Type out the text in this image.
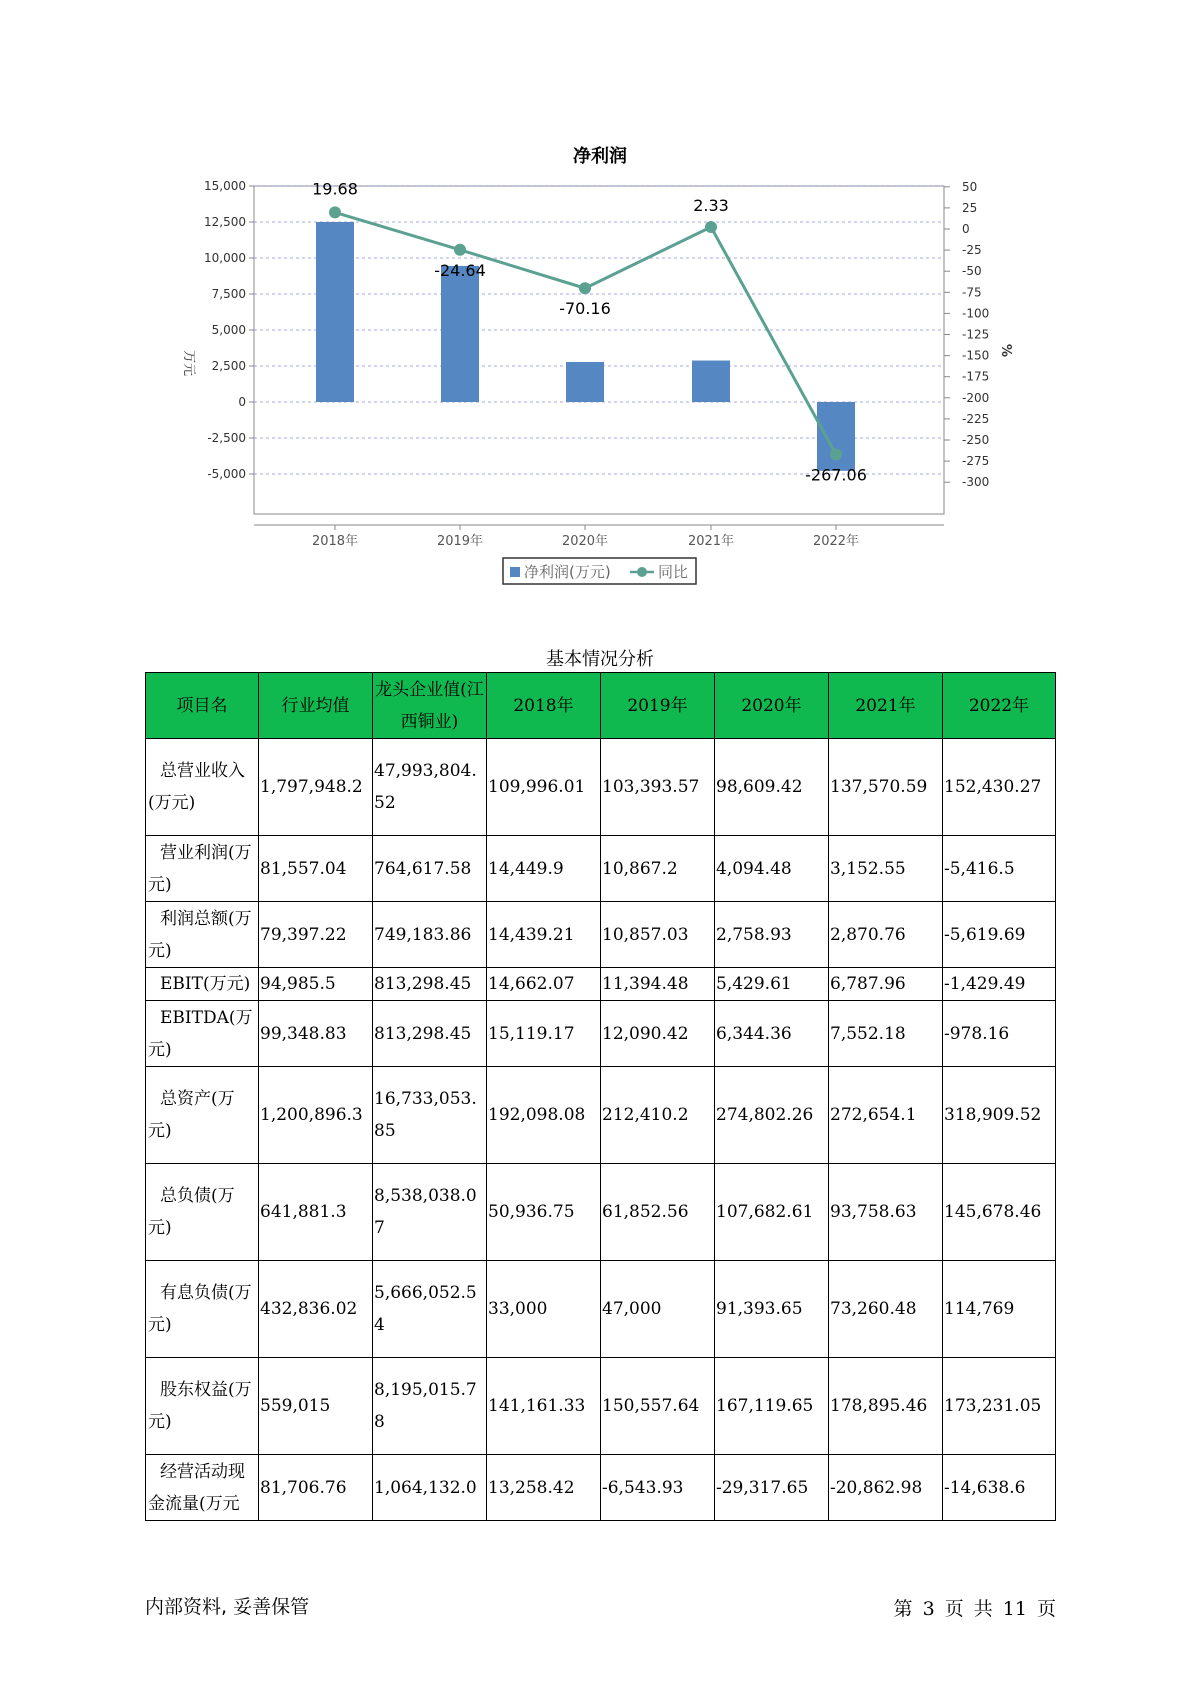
净利润
19.68
-24.64
-70.16
2.33
-267.06
15,000
12,500
10,000
7,500
5,000
2,500
0
-2,500
-5,000
50
25
0
-25
-50
-75
-100
-125
-150
-175
-200
-225
-250
-275
-300
2018年	2019年	2020年	2021年	2022年
万元	%
净利润(万元)	同比
基本情况分析
项目名	行业均值	龙头企业值(江西铜业)	2018年	2019年	2020年	2021年	2022年
总营业收入(万元)	1,797,948.2	47,993,804.52	109,996.01	103,393.57	98,609.42	137,570.59	152,430.27
营业利润(万元)	81,557.04	764,617.58	14,449.9	10,867.2	4,094.48	3,152.55	-5,416.5
利润总额(万元)	79,397.22	749,183.86	14,439.21	10,857.03	2,758.93	2,870.76	-5,619.69
EBIT(万元)	94,985.5	813,298.45	14,662.07	11,394.48	5,429.61	6,787.96	-1,429.49
EBITDA(万元)	99,348.83	813,298.45	15,119.17	12,090.42	6,344.36	7,552.18	-978.16
总资产(万元)	1,200,896.3	16,733,053.85	192,098.08	212,410.2	274,802.26	272,654.1	318,909.52
总负债(万元)	641,881.3	8,538,038.07	50,936.75	61,852.56	107,682.61	93,758.63	145,678.46
有息负债(万元)	432,836.02	5,666,052.54	33,000	47,000	91,393.65	73,260.48	114,769
股东权益(万元)	559,015	8,195,015.78	141,161.33	150,557.64	167,119.65	178,895.46	173,231.05
经营活动现金流量(万元	81,706.76	1,064,132.0	13,258.42	-6,543.93	-29,317.65	-20,862.98	-14,638.6
内部资料, 妥善保管	第 3 页 共 11 页
